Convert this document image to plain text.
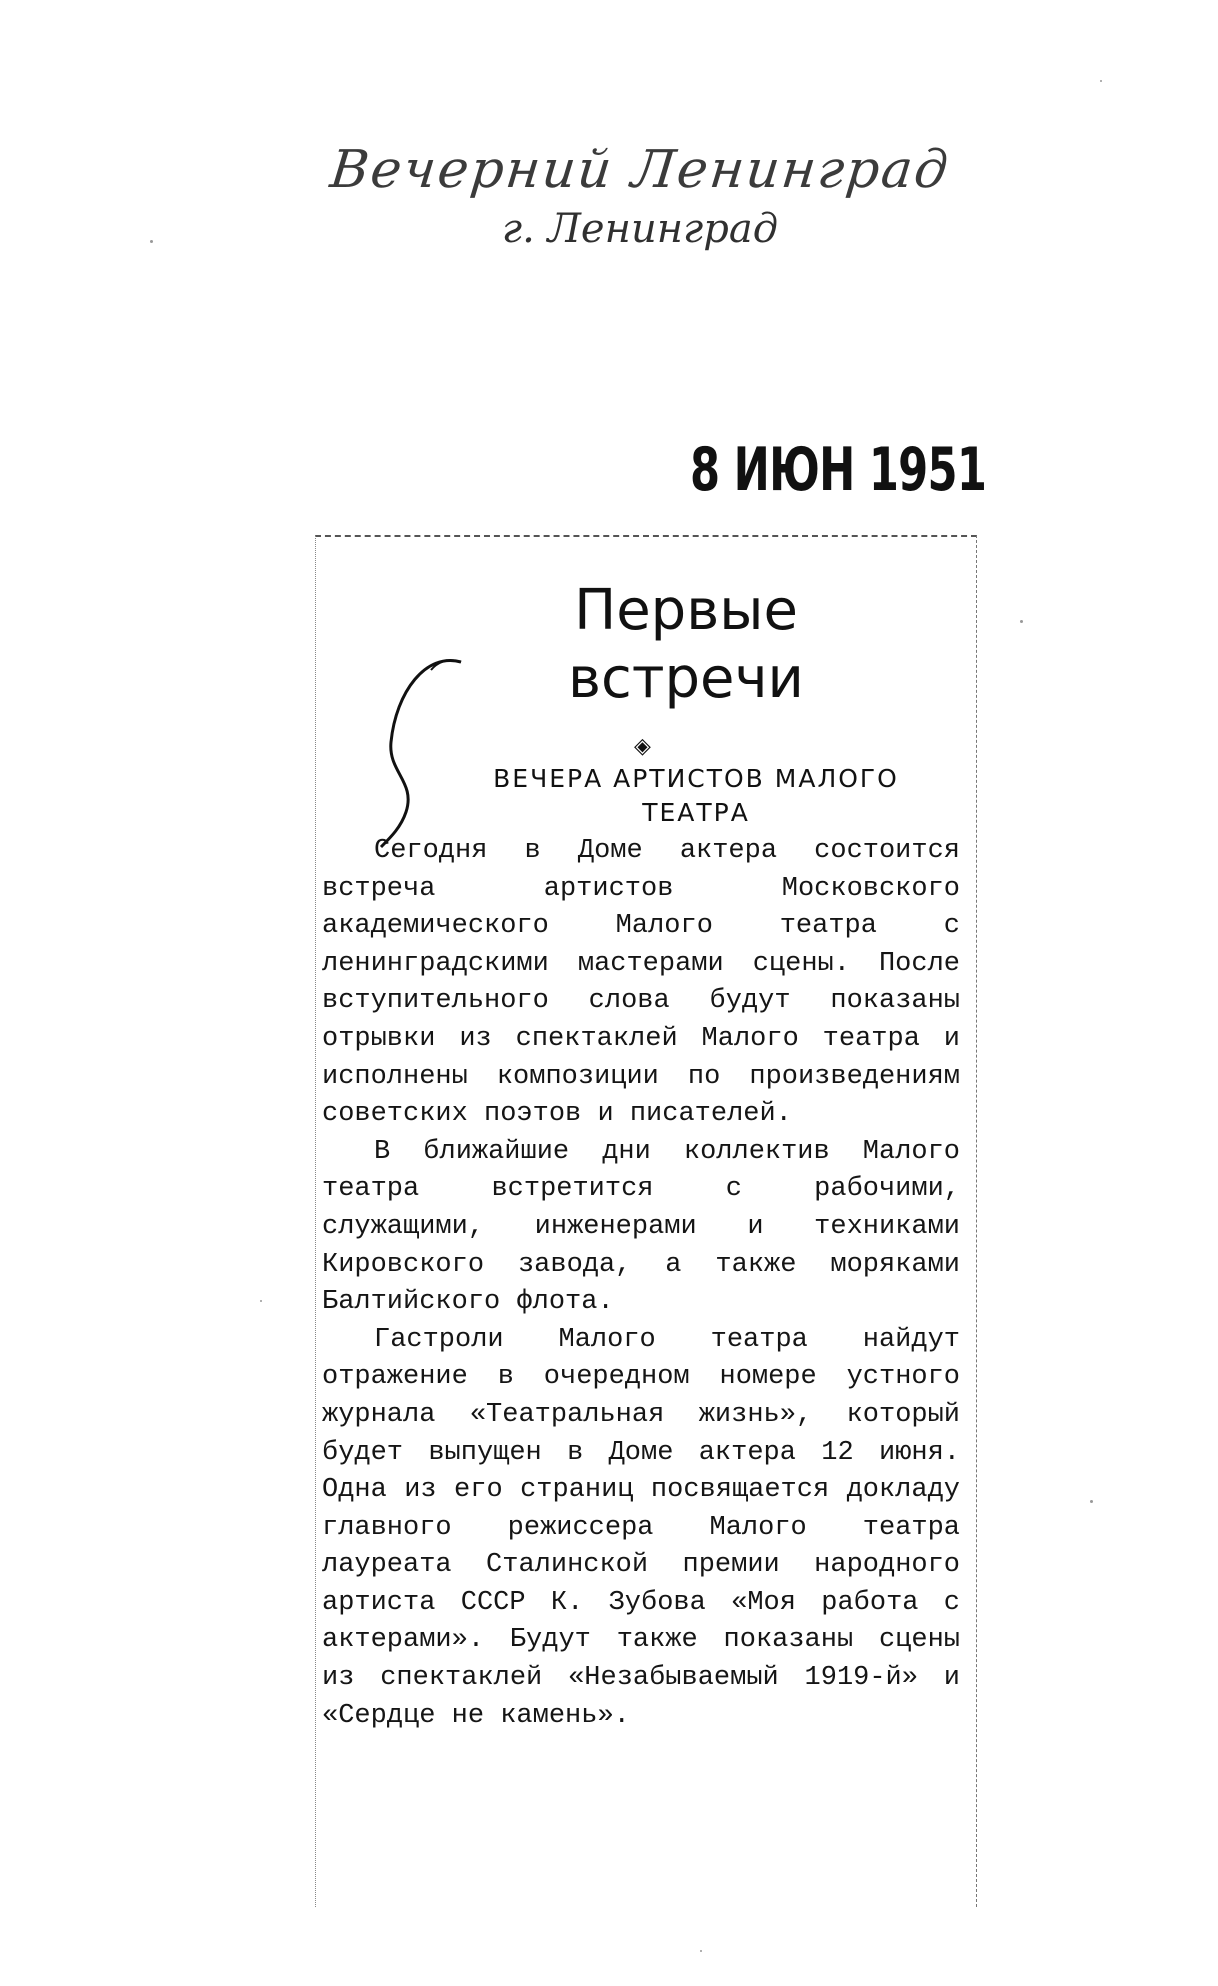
Вечерний Ленинград
г. Ленинград
8 ИЮН 1951
Первые
встречи
◈
ВЕЧЕРА АРТИСТОВ МАЛОГО ТЕАТРА

Сегодня в Доме актера состоится встреча артистов Московского академического Малого театра с ленинградскими мастерами сцены. После вступительного слова будут показаны отрывки из спектаклей Малого театра и исполнены композиции по произведениям советских поэтов и писателей.

В ближайшие дни коллектив Малого театра встретится с рабочими, служащими, инженерами и техниками Кировского завода, а также моряками Балтийского флота.

Гастроли Малого театра найдут отражение в очередном номере устного журнала «Театральная жизнь», который будет выпущен в Доме актера 12 июня. Одна из его страниц посвящается докладу главного режиссера Малого театра лауреата Сталинской премии народного артиста СССР К. Зубова «Моя работа с актерами». Будут также показаны сцены из спектаклей «Незабываемый 1919-й» и «Сердце не камень».
